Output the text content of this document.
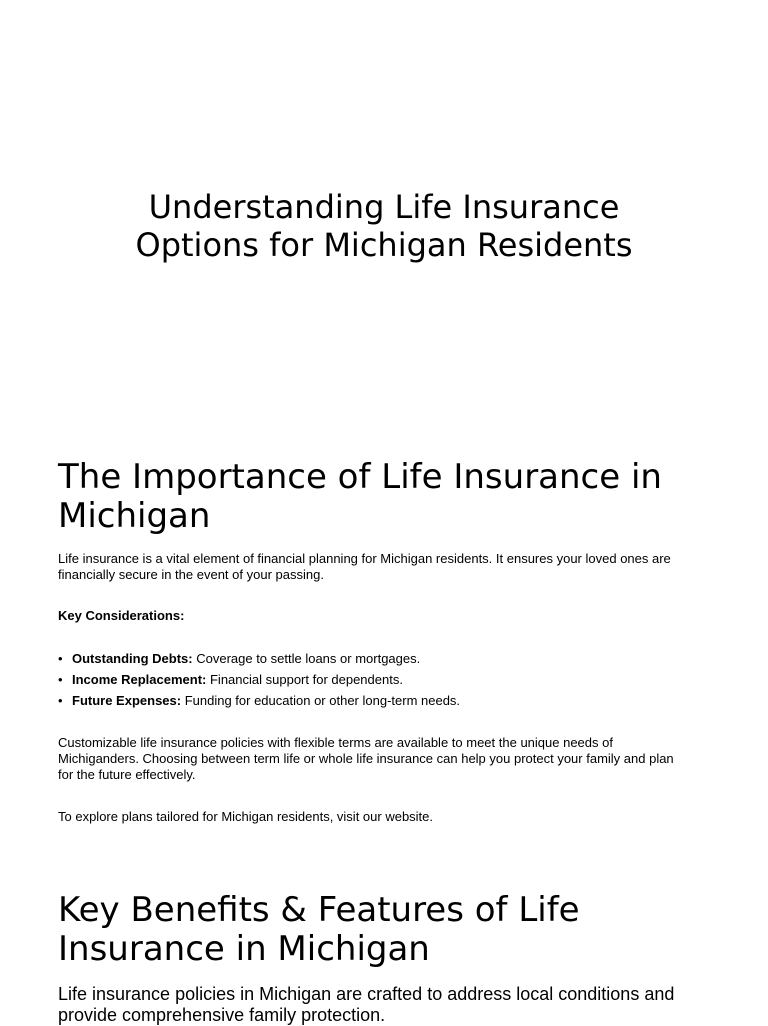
Understanding Life Insurance
Options for Michigan Residents
The Importance of Life Insurance in
Michigan

Life insurance is a vital element of financial planning for Michigan residents. It ensures your loved ones are
financially secure in the event of your passing.

Key Considerations:
• Outstanding Debts: Coverage to settle loans or mortgages.
• Income Replacement: Financial support for dependents.
• Future Expenses: Funding for education or other long-term needs.

Customizable life insurance policies with flexible terms are available to meet the unique needs of
Michiganders. Choosing between term life or whole life insurance can help you protect your family and plan
for the future effectively.

To explore plans tailored for Michigan residents, visit our website.

Key Benefits & Features of Life
Insurance in Michigan

Life insurance policies in Michigan are crafted to address local conditions and
provide comprehensive family protection.
